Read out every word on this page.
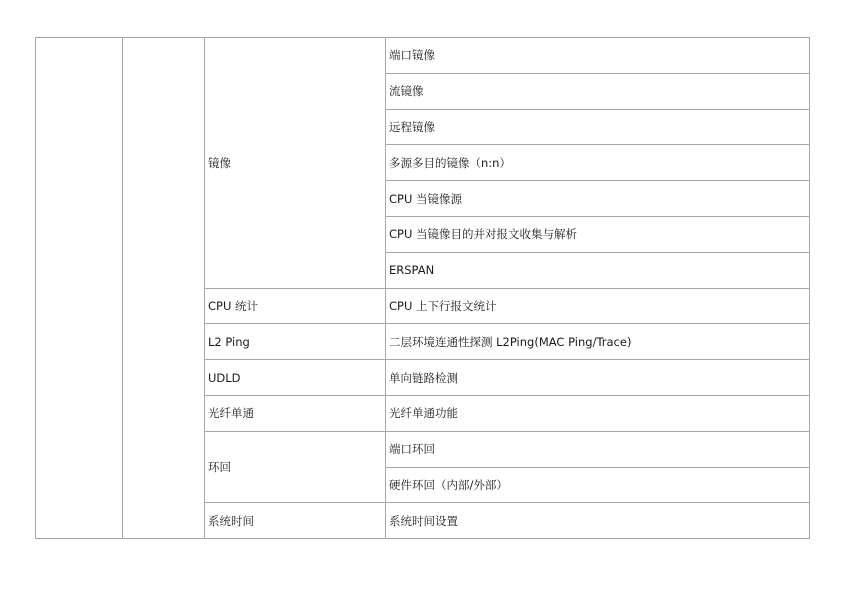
		镜像	端口镜像
			流镜像
			远程镜像
			多源多目的镜像（n:n）
			CPU 当镜像源
			CPU 当镜像目的并对报文收集与解析
			ERSPAN
		CPU 统计	CPU 上下行报文统计
		L2 Ping	二层环境连通性探测 L2Ping(MAC Ping/Trace)
		UDLD	单向链路检测
		光纤单通	光纤单通功能
		环回	端口环回
			硬件环回（内部/外部）
		系统时间	系统时间设置
